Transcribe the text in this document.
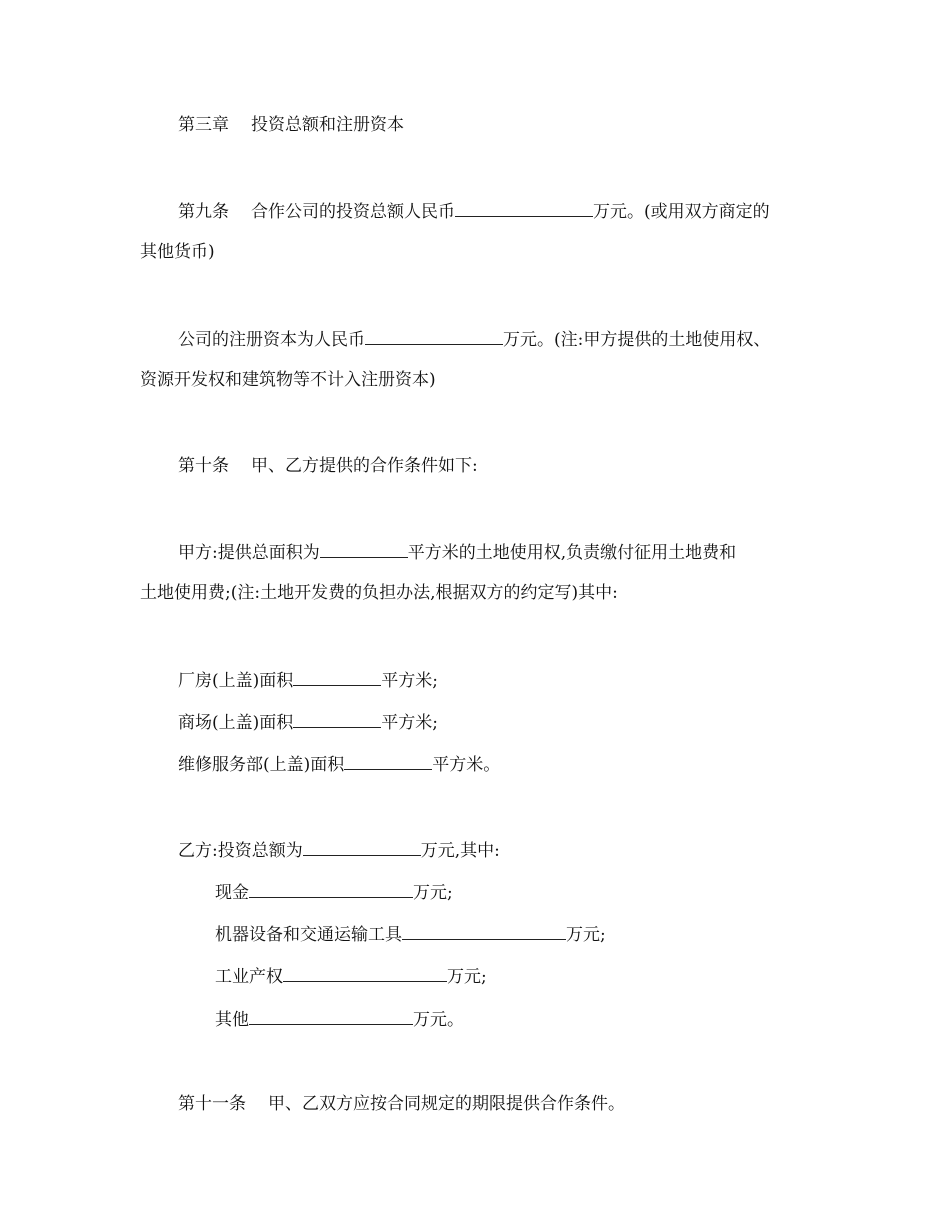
第三章 投资总额和注册资本
第九条 合作公司的投资总额人民币	万元。(或用双方商定的
其他货币)
公司的注册资本为人民币	万元。(注:甲方提供的土地使用权、
资源开发权和建筑物等不计入注册资本)
第十条 甲、乙方提供的合作条件如下:
甲方:提供总面积为	平方米的土地使用权,负责缴付征用土地费和
土地使用费;(注:土地开发费的负担办法,根据双方的约定写)其中:
厂房(上盖)面积	平方米;
商场(上盖)面积	平方米;
维修服务部(上盖)面积	平方米。
乙方:投资总额为	万元,其中:
现金	万元;
机器设备和交通运输工具	万元;
工业产权	万元;
其他	万元。
第十一条 甲、乙双方应按合同规定的期限提供合作条件。
